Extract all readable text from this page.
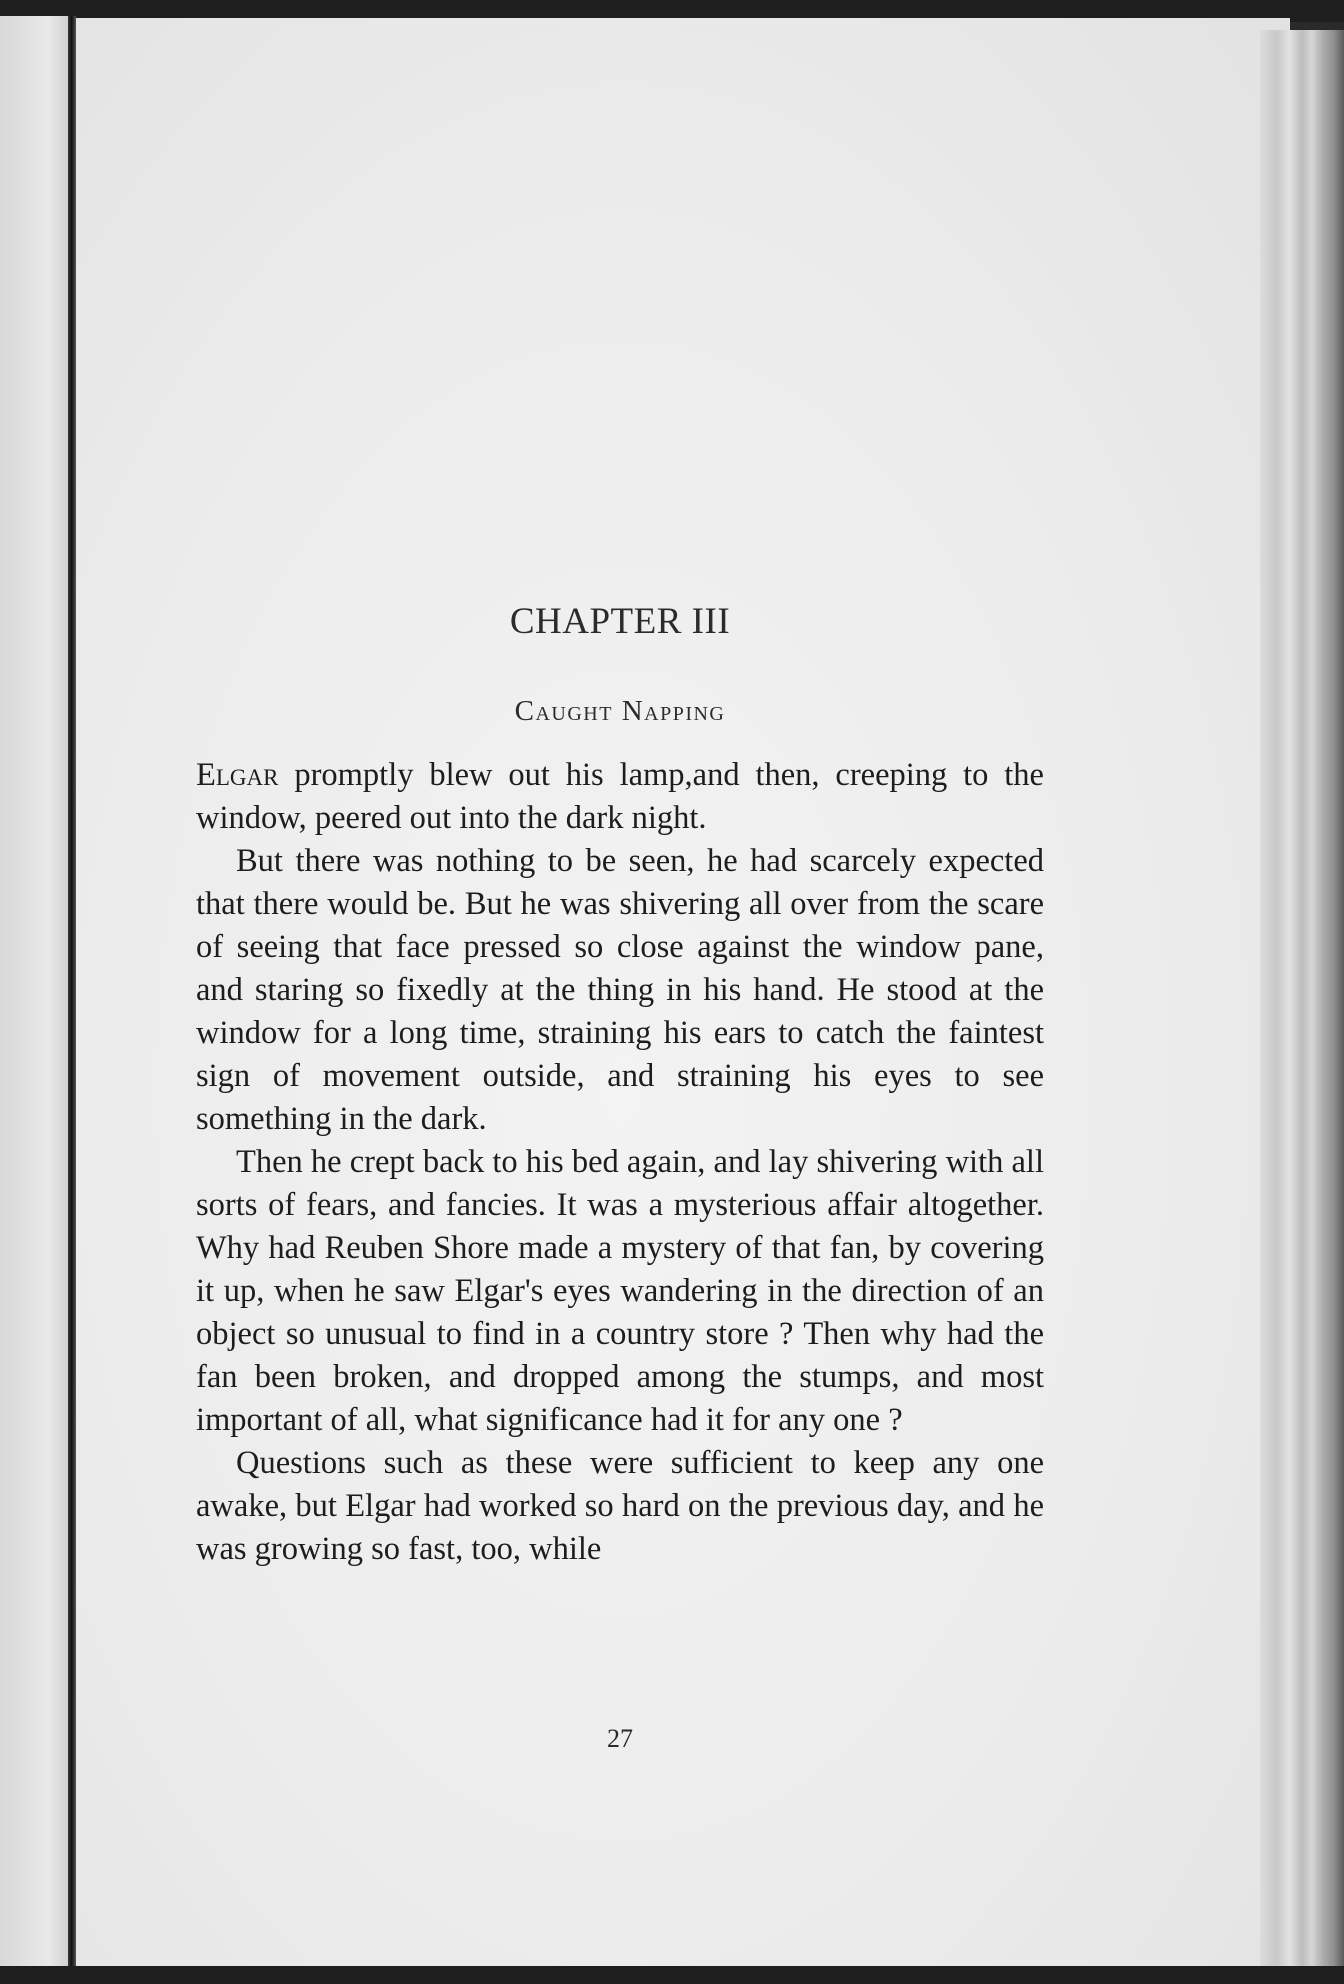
CHAPTER III
Caught Napping

Elgar promptly blew out his lamp,and then, creeping to the window, peered out into the dark night.

But there was nothing to be seen, he had scarcely expected that there would be. But he was shivering all over from the scare of seeing that face pressed so close against the window pane, and staring so fixedly at the thing in his hand. He stood at the window for a long time, straining his ears to catch the faintest sign of movement outside, and straining his eyes to see something in the dark.

Then he crept back to his bed again, and lay shivering with all sorts of fears, and fancies. It was a mysterious affair altogether. Why had Reuben Shore made a mystery of that fan, by covering it up, when he saw Elgar's eyes wandering in the direction of an object so unusual to find in a country store ? Then why had the fan been broken, and dropped among the stumps, and most important of all, what significance had it for any one ?

Questions such as these were sufficient to keep any one awake, but Elgar had worked so hard on the previous day, and he was growing so fast, too, while

27
